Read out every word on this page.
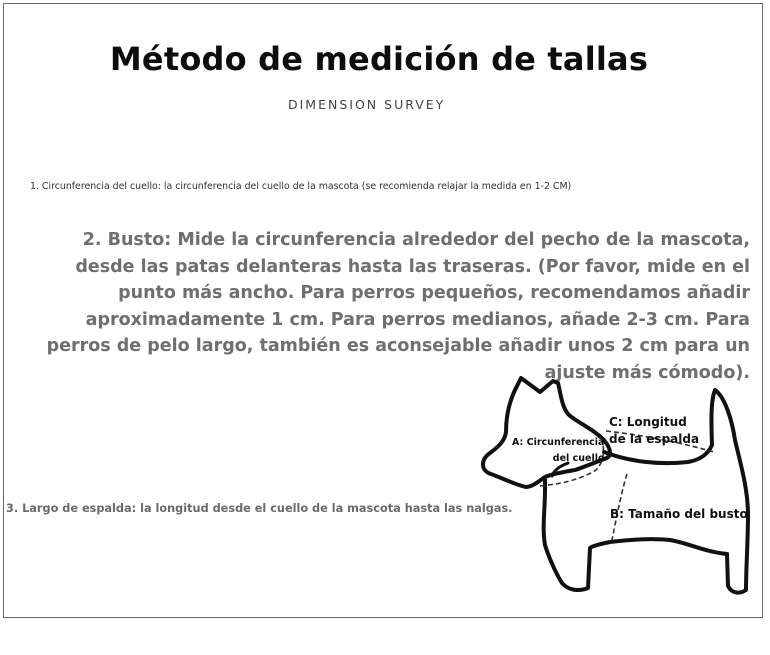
Método de medición de tallas
DIMENSION SURVEY
1. Circunferencia del cuello: la circunferencia del cuello de la mascota (se recomienda relajar la medida en 1-2 CM)
2. Busto: Mide la circunferencia alrededor del pecho de la mascota, desde las patas delanteras hasta las traseras. (Por favor, mide en el punto más ancho. Para perros pequeños, recomendamos añadir aproximadamente 1 cm. Para perros medianos, añade 2-3 cm. Para perros de pelo largo, también es aconsejable añadir unos 2 cm para un ajuste más cómodo).
3. Largo de espalda: la longitud desde el cuello de la mascota hasta las nalgas.
A: Circunferencia
del cuello
C: Longitud
de la espalda
B: Tamaño del busto
